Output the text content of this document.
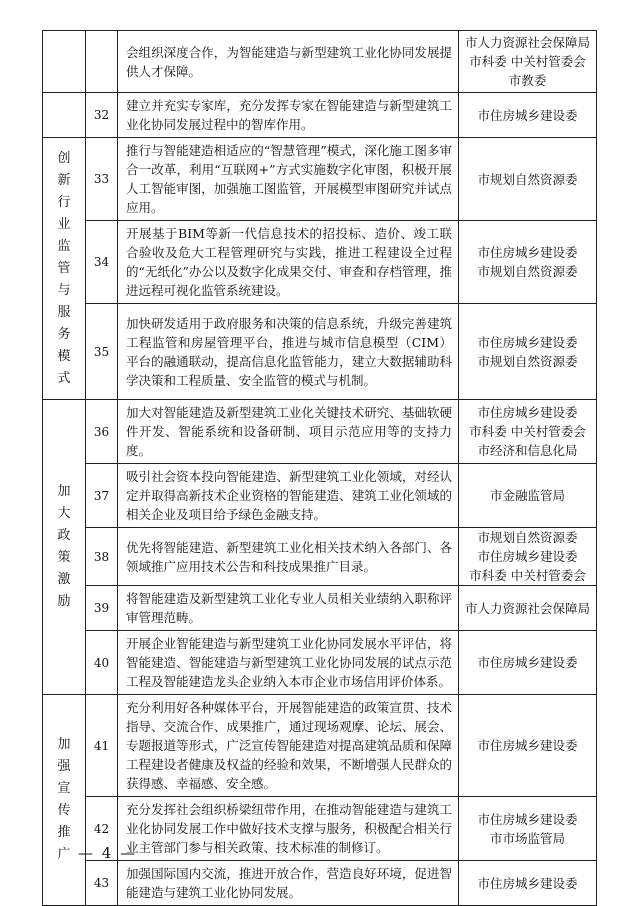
		会组织深度合作，为智能建造与新型建筑工业化协同发展提供人才保障。	市人力资源社会保障局
市科委 中关村管委会
市教委

	32	建立并充实专家库，充分发挥专家在智能建造与新型建筑工业化协同发展过程中的智库作用。	市住房城乡建设委

创新行业监管与服务模式	33	推行与智能建造相适应的“智慧管理”模式，深化施工图多审合一改革，利用“互联网+”方式实施数字化审图，积极开展人工智能审图，加强施工图监管，开展模型审图研究并试点应用。	市规划自然资源委

	34	开展基于BIM等新一代信息技术的招投标、造价、竣工联合验收及危大工程管理研究与实践，推进工程建设全过程的“无纸化”办公以及数字化成果交付、审查和存档管理，推进远程可视化监管系统建设。	市住房城乡建设委
市规划自然资源委

	35	加快研发适用于政府服务和决策的信息系统，升级完善建筑工程监管和房屋管理平台，推进与城市信息模型（CIM）平台的融通联动，提高信息化监管能力，建立大数据辅助科学决策和工程质量、安全监管的模式与机制。	市住房城乡建设委
市规划自然资源委

加大政策激励	36	加大对智能建造及新型建筑工业化关键技术研究、基础软硬件开发、智能系统和设备研制、项目示范应用等的支持力度。	市住房城乡建设委
市科委 中关村管委会
市经济和信息化局

	37	吸引社会资本投向智能建造、新型建筑工业化领域，对经认定并取得高新技术企业资格的智能建造、建筑工业化领域的相关企业及项目给予绿色金融支持。	市金融监管局

	38	优先将智能建造、新型建筑工业化相关技术纳入各部门、各领域推广应用技术公告和科技成果推广目录。	市规划自然资源委
市住房城乡建设委
市科委 中关村管委会

	39	将智能建造及新型建筑工业化专业人员相关业绩纳入职称评审管理范畴。	市人力资源社会保障局

	40	开展企业智能建造与新型建筑工业化协同发展水平评估，将智能建造、智能建造与新型建筑工业化协同发展的试点示范工程及智能建造龙头企业纳入本市企业市场信用评价体系。	市住房城乡建设委

加强宣传推广	41	充分利用好各种媒体平台，开展智能建造的政策宣贯、技术指导、交流合作、成果推广，通过现场观摩、论坛、展会、专题报道等形式，广泛宣传智能建造对提高建筑品质和保障工程建设者健康及权益的经验和效果，不断增强人民群众的获得感、幸福感、安全感。	市住房城乡建设委

	42	充分发挥社会组织桥梁纽带作用，在推动智能建造与建筑工业化协同发展工作中做好技术支撑与服务，积极配合相关行业主管部门参与相关政策、技术标准的制修订。	市住房城乡建设委
市市场监管局

	43	加强国际国内交流，推进开放合作，营造良好环境，促进智能建造与建筑工业化协同发展。	市住房城乡建设委
— 4 —
